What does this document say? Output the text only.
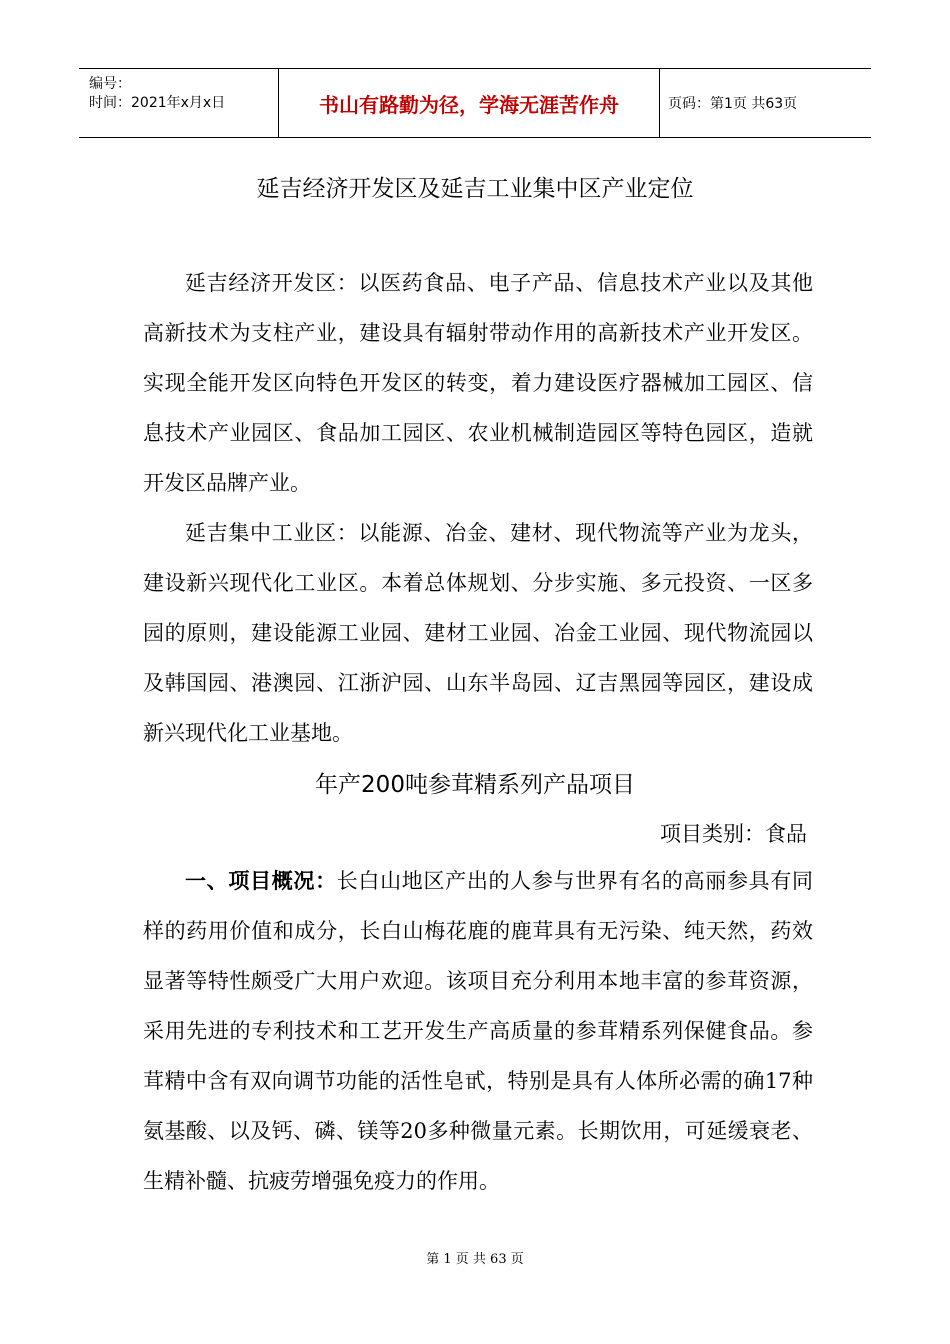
编号：
时间：2021年x月x日	书山有路勤为径，学海无涯苦作舟	页码：第1页 共63页
延吉经济开发区及延吉工业集中区产业定位

延吉经济开发区：以医药食品、电子产品、信息技术产业以及其他高新技术为支柱产业，建设具有辐射带动作用的高新技术产业开发区。实现全能开发区向特色开发区的转变，着力建设医疗器械加工园区、信息技术产业园区、食品加工园区、农业机械制造园区等特色园区，造就开发区品牌产业。

延吉集中工业区：以能源、冶金、建材、现代物流等产业为龙头，建设新兴现代化工业区。本着总体规划、分步实施、多元投资、一区多园的原则，建设能源工业园、建材工业园、冶金工业园、现代物流园以及韩国园、港澳园、江浙沪园、山东半岛园、辽吉黑园等园区，建设成新兴现代化工业基地。

年产200吨参茸精系列产品项目
项目类别：食品

一、项目概况：长白山地区产出的人参与世界有名的高丽参具有同样的药用价值和成分，长白山梅花鹿的鹿茸具有无污染、纯天然，药效显著等特性颇受广大用户欢迎。该项目充分利用本地丰富的参茸资源，采用先进的专利技术和工艺开发生产高质量的参茸精系列保健食品。参茸精中含有双向调节功能的活性皂甙，特别是具有人体所必需的确17种氨基酸、以及钙、磷、镁等20多种微量元素。长期饮用，可延缓衰老、生精补髓、抗疲劳增强免疫力的作用。

第 1 页 共 63 页
